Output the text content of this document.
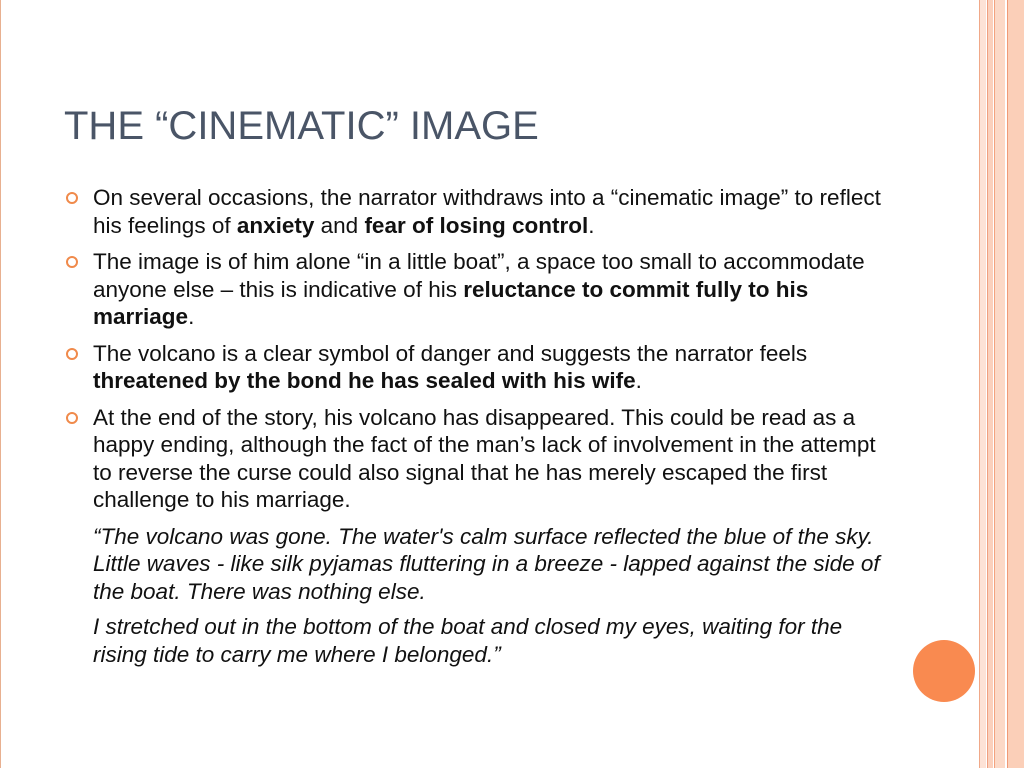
THE “CINEMATIC” IMAGE
On several occasions, the narrator withdraws into a “cinematic image” to reflect his feelings of anxiety and fear of losing control.
The image is of him alone “in a little boat”, a space too small to accommodate anyone else – this is indicative of his reluctance to commit fully to his marriage.
The volcano is a clear symbol of danger and suggests the narrator feels threatened by the bond he has sealed with his wife.
At the end of the story, his volcano has disappeared. This could be read as a happy ending, although the fact of the man’s lack of involvement in the attempt to reverse the curse could also signal that he has merely escaped the first challenge to his marriage.
“The volcano was gone. The water's calm surface reflected the blue of the sky. Little waves - like silk pyjamas fluttering in a breeze - lapped against the side of the boat. There was nothing else.
I stretched out in the bottom of the boat and closed my eyes, waiting for the rising tide to carry me where I belonged.”
